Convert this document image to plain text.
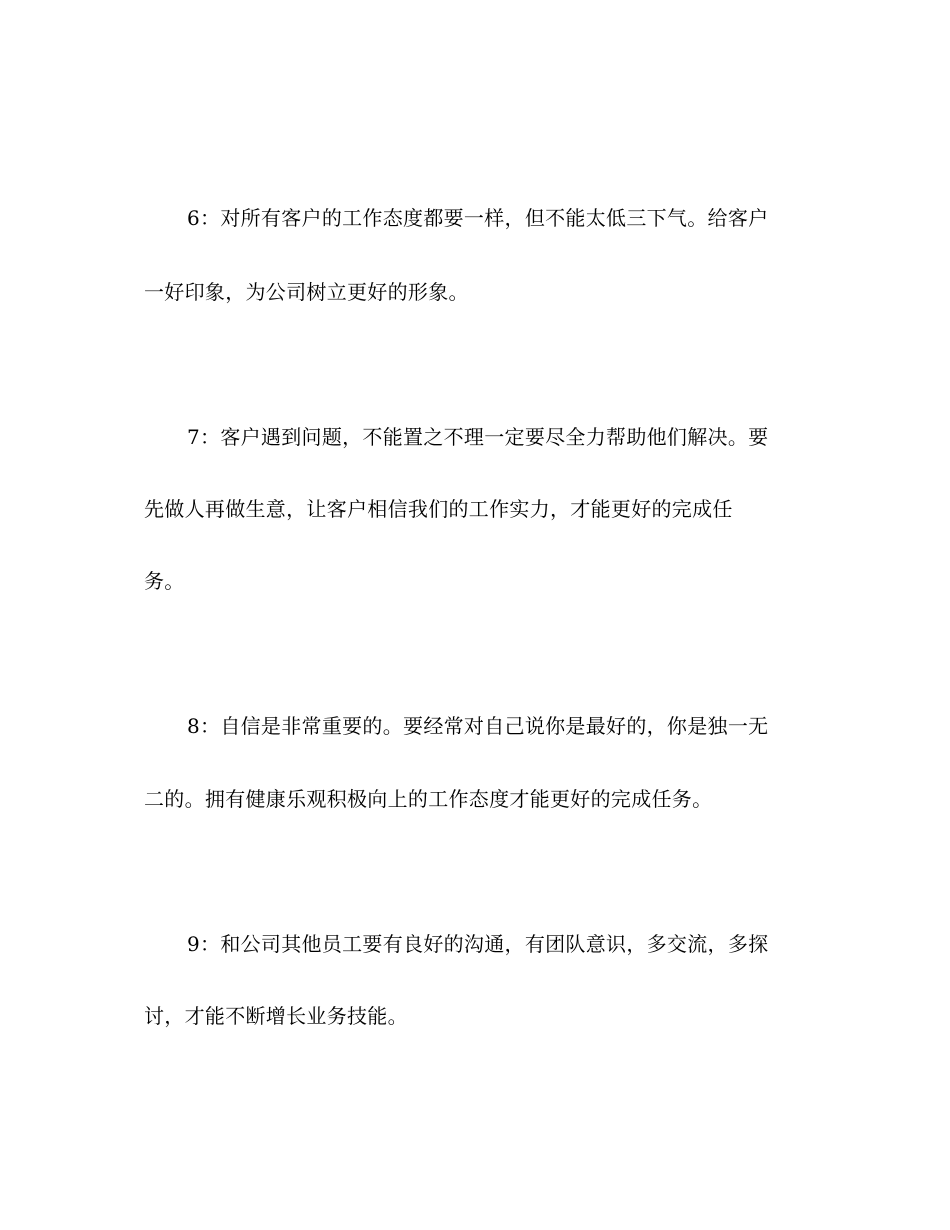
6：对所有客户的工作态度都要一样，但不能太低三下气。给客户
一好印象，为公司树立更好的形象。
7：客户遇到问题，不能置之不理一定要尽全力帮助他们解决。要
先做人再做生意，让客户相信我们的工作实力，才能更好的完成任
务。
8：自信是非常重要的。要经常对自己说你是最好的，你是独一无
二的。拥有健康乐观积极向上的工作态度才能更好的完成任务。
9：和公司其他员工要有良好的沟通，有团队意识，多交流，多探
讨，才能不断增长业务技能。
